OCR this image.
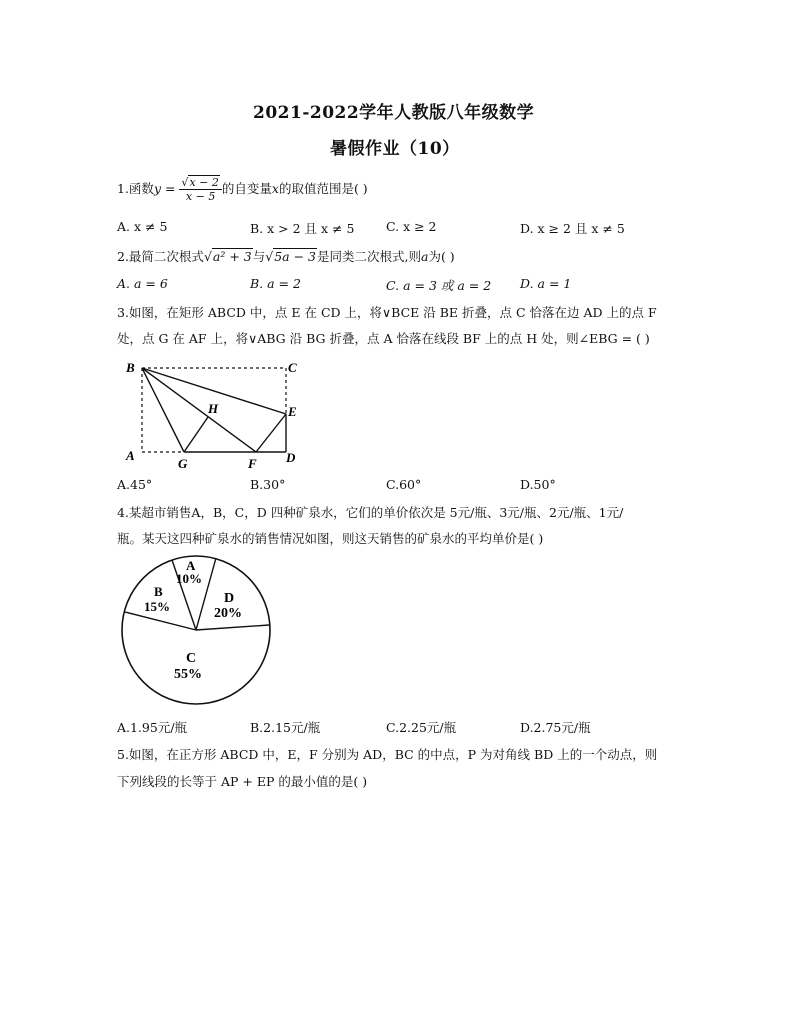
2021-2022学年人教版八年级数学
暑假作业（10）
1.函数$y = \frac{√x - 2}{x - 5}$ 的自变量x的取值范围是( )
A. x ≠ 5	B. x > 2 且 x ≠ 5	C. x ≥ 2	D. x ≥ 2 且 x ≠ 5
2.最简二次根式√a² + 3与√5a − 3是同类二次根式,则a为( )
A. a = 6	B. a = 2	C. a = 3 或 a = 2 D. a = 1
3.如图，在矩形 ABCD 中，点 E 在 CD 上，将∨BCE 沿 BE 折叠，点 C 恰落在边 AD 上的点 F
处，点 G 在 AF 上，将∨ABG 沿 BG 折叠，点 A 恰落在线段 BF 上的点 H 处，则∠EBG = ( )
B	C
E
H
A
G	F D
A.45°	B.30°	C.60°	D.50°
4.某超市销售A，B，C，D 四种矿泉水，它们的单价依次是 5元/瓶、3元/瓶、2元/瓶、1元/
瓶。某天这四种矿泉水的销售情况如图，则这天销售的矿泉水的平均单价是( )
A
10%
B
15%
D
20%
C
55%
A.1.95元/瓶	B.2.15元/瓶	C.2.25元/瓶	D.2.75元/瓶
5.如图，在正方形 ABCD 中，E，F 分别为 AD，BC 的中点，P 为对角线 BD 上的一个动点，则
下列线段的长等于 AP + EP 的最小值的是( )
